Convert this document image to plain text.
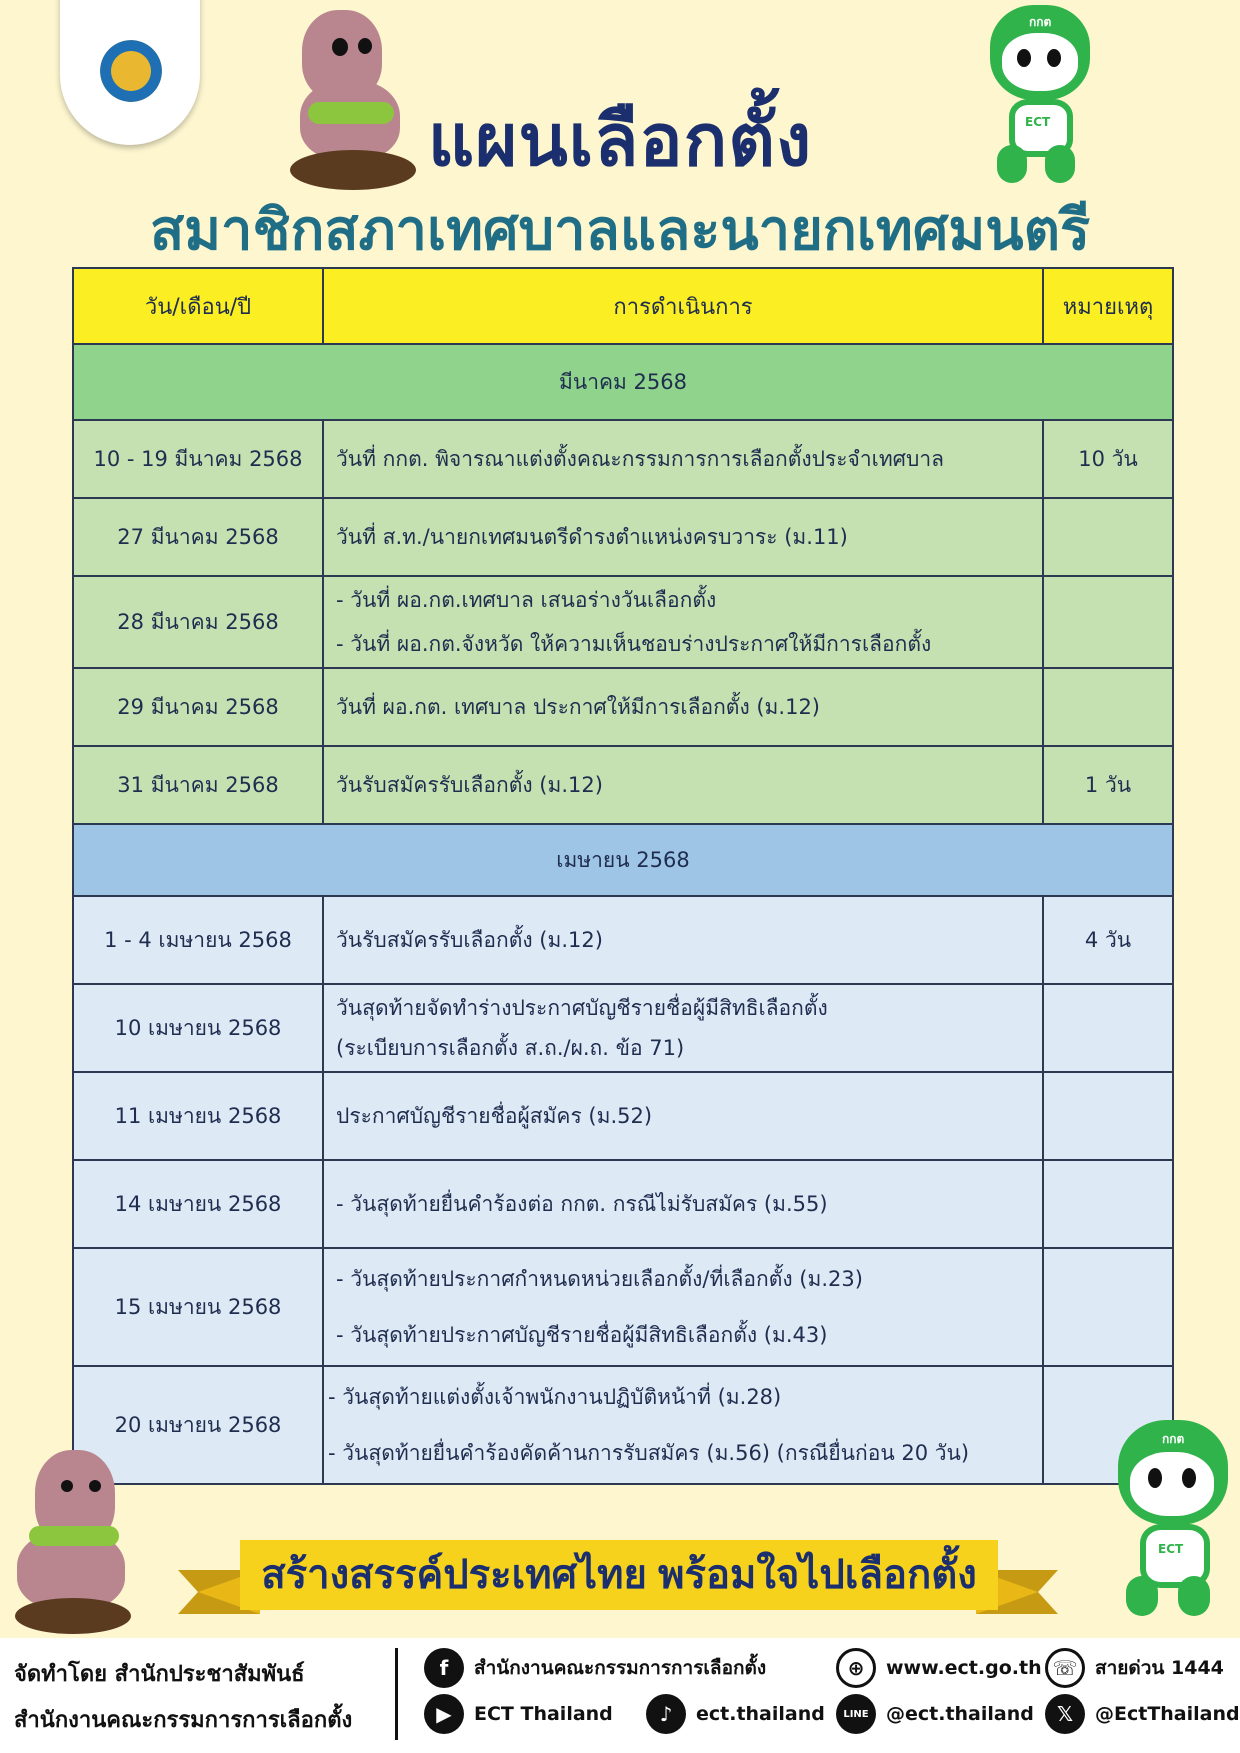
กกต
ECT
แผนเลือกตั้ง
สมาชิกสภาเทศบาลและนายกเทศมนตรี
วัน/เดือน/ปี	การดำเนินการ	หมายเหตุ
มีนาคม 2568		
10 - 19 มีนาคม 2568	วันที่ กกต. พิจารณาแต่งตั้งคณะกรรมการการเลือกตั้งประจำเทศบาล	10 วัน
27 มีนาคม 2568	วันที่ ส.ท./นายกเทศมนตรีดำรงตำแหน่งครบวาระ (ม.11)	

28 มีนาคม 2568	- วันที่ ผอ.กต.เทศบาล เสนอร่างวันเลือกตั้ง
- วันที่ ผอ.กต.จังหวัด ให้ความเห็นชอบร่างประกาศให้มีการเลือกตั้ง	

29 มีนาคม 2568	วันที่ ผอ.กต. เทศบาล ประกาศให้มีการเลือกตั้ง (ม.12)	

31 มีนาคม 2568	วันรับสมัครรับเลือกตั้ง (ม.12)	1 วัน
เมษายน 2568		
1 - 4 เมษายน 2568	วันรับสมัครรับเลือกตั้ง (ม.12)	4 วัน
10 เมษายน 2568	วันสุดท้ายจัดทำร่างประกาศบัญชีรายชื่อผู้มีสิทธิเลือกตั้ง
(ระเบียบการเลือกตั้ง ส.ถ./ผ.ถ. ข้อ 71)	

11 เมษายน 2568	ประกาศบัญชีรายชื่อผู้สมัคร (ม.52)	

14 เมษายน 2568	- วันสุดท้ายยื่นคำร้องต่อ กกต. กรณีไม่รับสมัคร (ม.55)	

15 เมษายน 2568	- วันสุดท้ายประกาศกำหนดหน่วยเลือกตั้ง/ที่เลือกตั้ง (ม.23)
- วันสุดท้ายประกาศบัญชีรายชื่อผู้มีสิทธิเลือกตั้ง (ม.43)	

20 เมษายน 2568	- วันสุดท้ายแต่งตั้งเจ้าพนักงานปฏิบัติหน้าที่ (ม.28)
- วันสุดท้ายยื่นคำร้องคัดค้านการรับสมัคร (ม.56) (กรณียื่นก่อน 20 วัน)	

กกต
ECT
สร้างสรรค์ประเทศไทย พร้อมใจไปเลือกตั้ง
จัดทำโดย สำนักประชาสัมพันธ์
สำนักงานคณะกรรมการการเลือกตั้ง
f	สำนักงานคณะกรรมการการเลือกตั้ง	⊕	www.ect.go.th ☏ สายด่วน 1444
▶	ECT Thailand	♪	ect.thailand	LINE @ect.thailand	𝕏	@EctThailand
